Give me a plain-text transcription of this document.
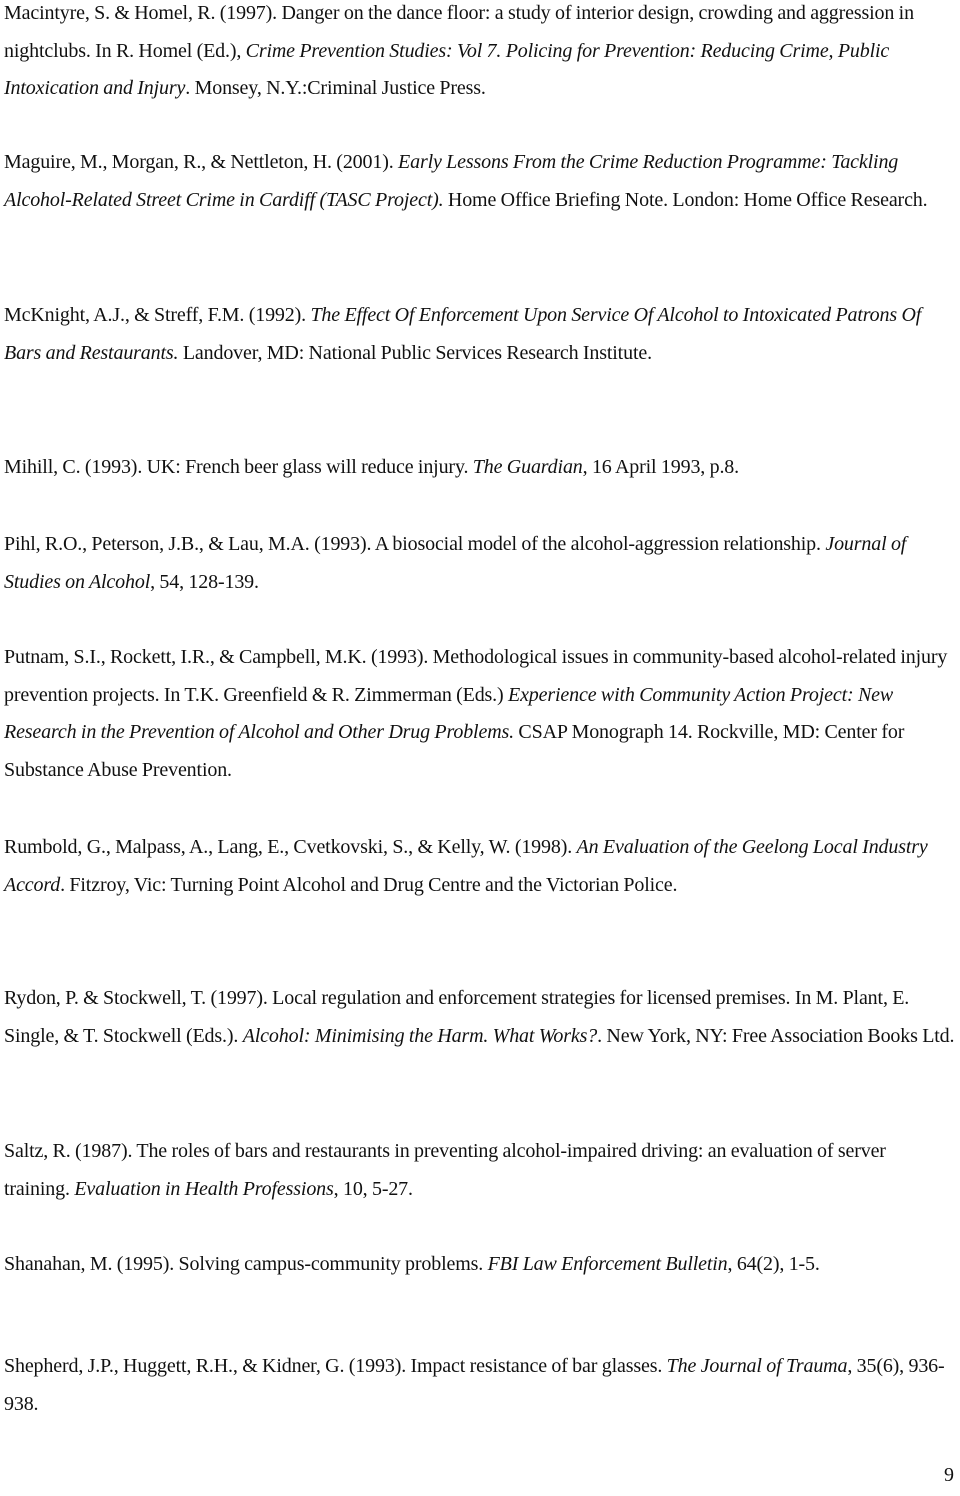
Macintyre, S. & Homel, R. (1997). Danger on the dance floor: a study of interior design, crowding and aggression in nightclubs. In R. Homel (Ed.), Crime Prevention Studies: Vol 7. Policing for Prevention: Reducing Crime, Public Intoxication and Injury. Monsey, N.Y.:Criminal Justice Press.

Maguire, M., Morgan, R., & Nettleton, H. (2001). Early Lessons From the Crime Reduction Programme: Tackling Alcohol-Related Street Crime in Cardiff (TASC Project). Home Office Briefing Note. London: Home Office Research.

McKnight, A.J., & Streff, F.M. (1992). The Effect Of Enforcement Upon Service Of Alcohol to Intoxicated Patrons Of Bars and Restaurants. Landover, MD: National Public Services Research Institute.

Mihill, C. (1993). UK: French beer glass will reduce injury. The Guardian, 16 April 1993, p.8.

Pihl, R.O., Peterson, J.B., & Lau, M.A. (1993). A biosocial model of the alcohol-aggression relationship. Journal of Studies on Alcohol, 54, 128-139.

Putnam, S.I., Rockett, I.R., & Campbell, M.K. (1993). Methodological issues in community-based alcohol-related injury prevention projects. In T.K. Greenfield & R. Zimmerman (Eds.) Experience with Community Action Project: New Research in the Prevention of Alcohol and Other Drug Problems. CSAP Monograph 14. Rockville, MD: Center for Substance Abuse Prevention.

Rumbold, G., Malpass, A., Lang, E., Cvetkovski, S., & Kelly, W. (1998). An Evaluation of the Geelong Local Industry Accord. Fitzroy, Vic: Turning Point Alcohol and Drug Centre and the Victorian Police.

Rydon, P. & Stockwell, T. (1997). Local regulation and enforcement strategies for licensed premises. In M. Plant, E. Single, & T. Stockwell (Eds.). Alcohol: Minimising the Harm. What Works?. New York, NY: Free Association Books Ltd.

Saltz, R. (1987). The roles of bars and restaurants in preventing alcohol-impaired driving: an evaluation of server training. Evaluation in Health Professions, 10, 5-27.

Shanahan, M. (1995). Solving campus-community problems. FBI Law Enforcement Bulletin, 64(2), 1-5.

Shepherd, J.P., Huggett, R.H., & Kidner, G. (1993). Impact resistance of bar glasses. The Journal of Trauma, 35(6), 936-938.

9
